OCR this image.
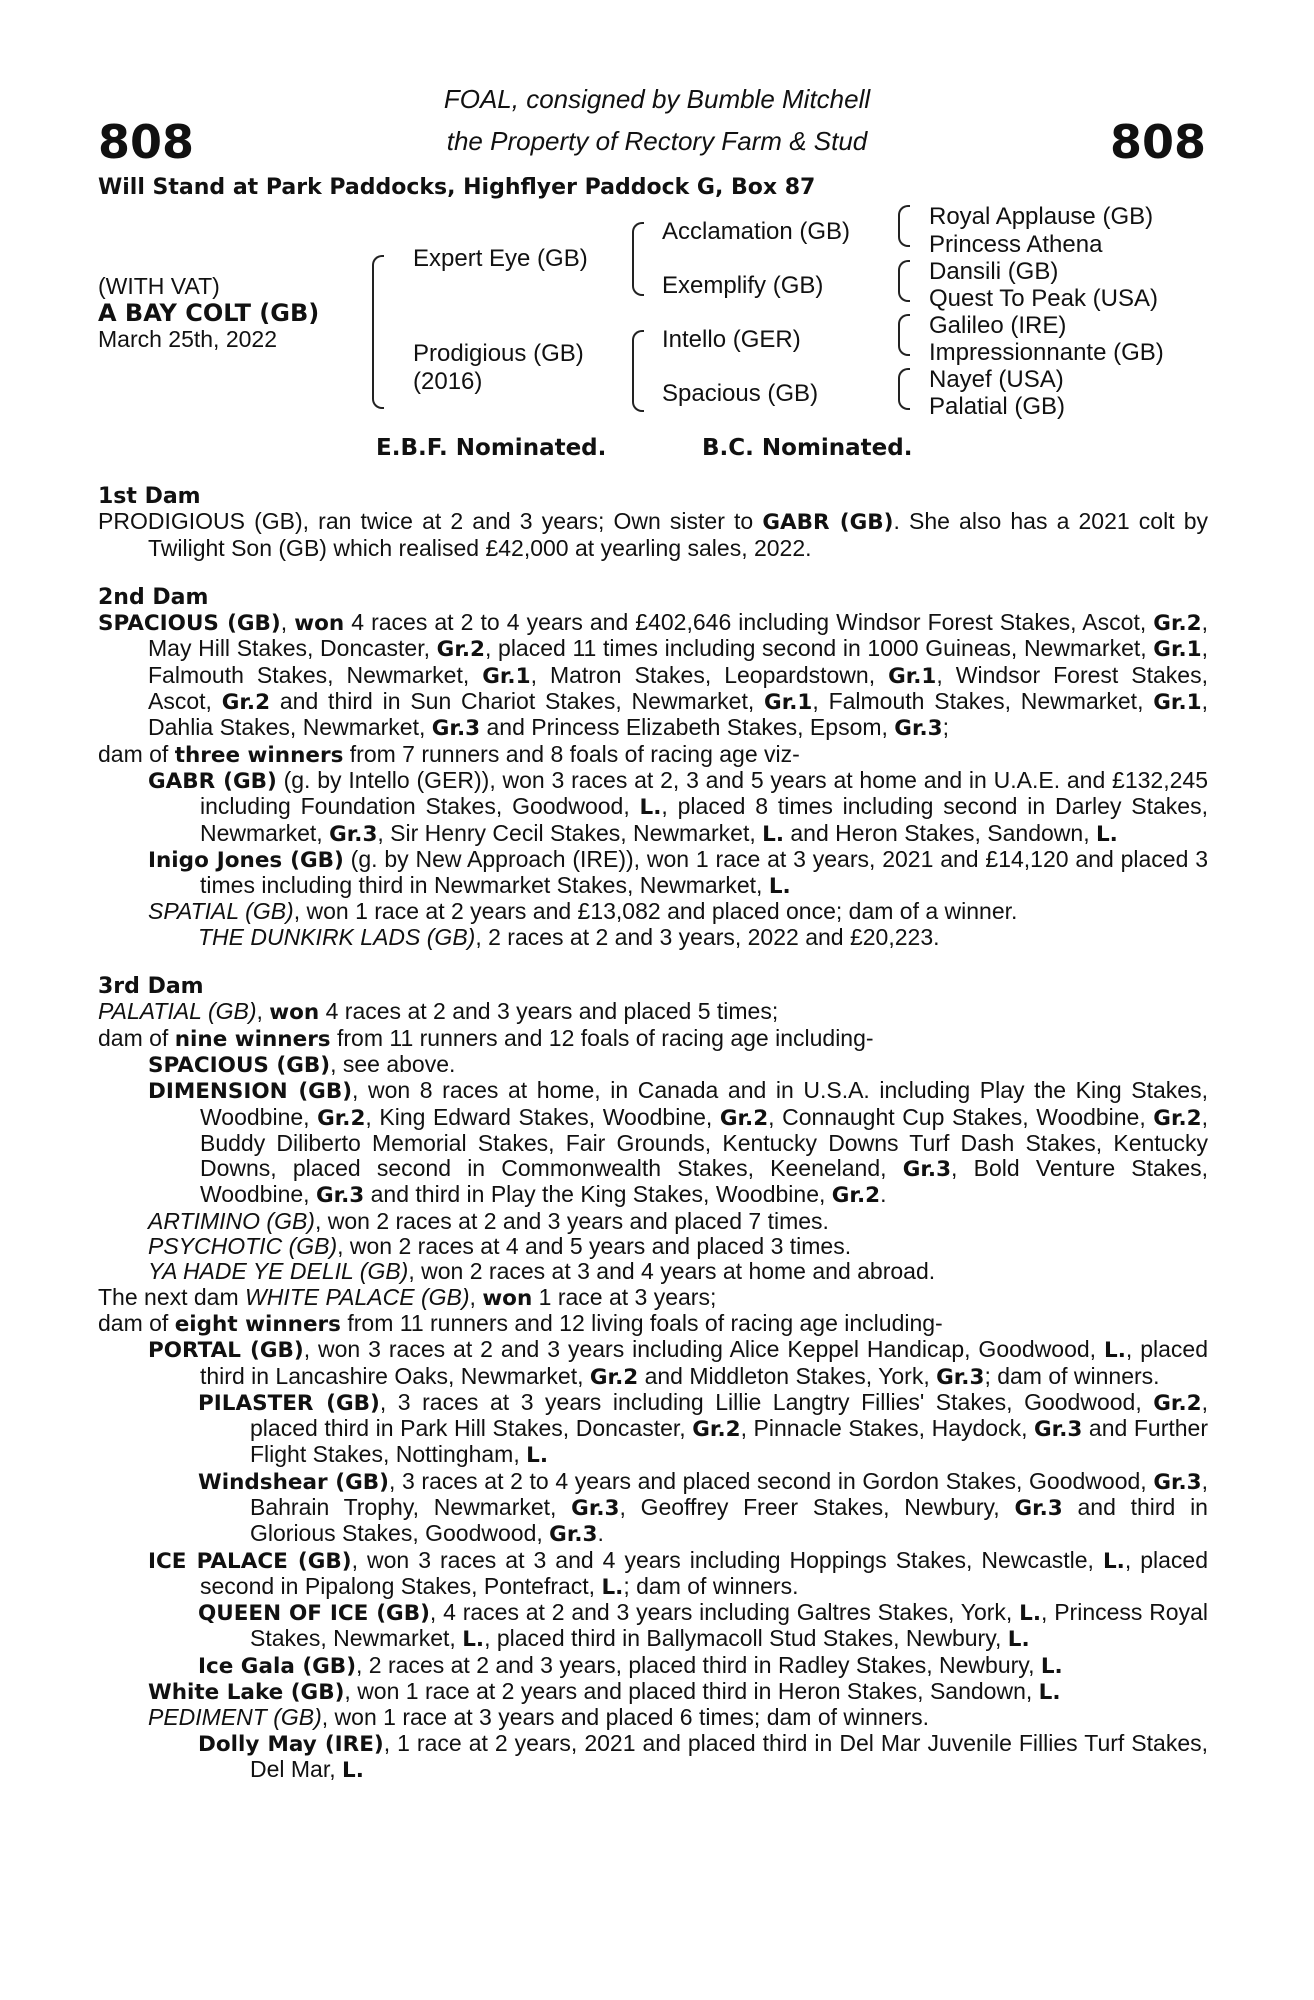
808	808
FOAL, consigned by Bumble Mitchell
the Property of Rectory Farm & Stud
Will Stand at Park Paddocks, Highflyer Paddock G, Box 87
(WITH VAT)
A BAY COLT (GB)
March 25th, 2022
Expert Eye (GB)
Prodigious (GB)
(2016)
Acclamation (GB)
Exemplify (GB)
Intello (GER)
Spacious (GB)
Royal Applause (GB)
Princess Athena
Dansili (GB)
Quest To Peak (USA)
Galileo (IRE)
Impressionnante (GB)
Nayef (USA)
Palatial (GB)
E.B.F. Nominated.	B.C. Nominated.

1st Dam

PRODIGIOUS (GB), ran twice at 2 and 3 years; Own sister to GABR (GB). She also has a 2021 colt by Twilight Son (GB) which realised £42,000 at yearling sales, 2022.

2nd Dam

SPACIOUS (GB), won 4 races at 2 to 4 years and £402,646 including Windsor Forest Stakes, Ascot, Gr.2, May Hill Stakes, Doncaster, Gr.2, placed 11 times including second in 1000 Guineas, Newmarket, Gr.1, Falmouth Stakes, Newmarket, Gr.1, Matron Stakes, Leopardstown, Gr.1, Windsor Forest Stakes, Ascot, Gr.2 and third in Sun Chariot Stakes, Newmarket, Gr.1, Falmouth Stakes, Newmarket, Gr.1, Dahlia Stakes, Newmarket, Gr.3 and Princess Elizabeth Stakes, Epsom, Gr.3;

dam of three winners from 7 runners and 8 foals of racing age viz-

GABR (GB) (g. by Intello (GER)), won 3 races at 2, 3 and 5 years at home and in U.A.E. and £132,245 including Foundation Stakes, Goodwood, L., placed 8 times including second in Darley Stakes, Newmarket, Gr.3, Sir Henry Cecil Stakes, Newmarket, L. and Heron Stakes, Sandown, L.

Inigo Jones (GB) (g. by New Approach (IRE)), won 1 race at 3 years, 2021 and £14,120 and placed 3 times including third in Newmarket Stakes, Newmarket, L.

SPATIAL (GB), won 1 race at 2 years and £13,082 and placed once; dam of a winner.

THE DUNKIRK LADS (GB), 2 races at 2 and 3 years, 2022 and £20,223.

3rd Dam

PALATIAL (GB), won 4 races at 2 and 3 years and placed 5 times;

dam of nine winners from 11 runners and 12 foals of racing age including-

SPACIOUS (GB), see above.

DIMENSION (GB), won 8 races at home, in Canada and in U.S.A. including Play the King Stakes, Woodbine, Gr.2, King Edward Stakes, Woodbine, Gr.2, Connaught Cup Stakes, Woodbine, Gr.2, Buddy Diliberto Memorial Stakes, Fair Grounds, Kentucky Downs Turf Dash Stakes, Kentucky Downs, placed second in Commonwealth Stakes, Keeneland, Gr.3, Bold Venture Stakes, Woodbine, Gr.3 and third in Play the King Stakes, Woodbine, Gr.2.

ARTIMINO (GB), won 2 races at 2 and 3 years and placed 7 times.

PSYCHOTIC (GB), won 2 races at 4 and 5 years and placed 3 times.

YA HADE YE DELIL (GB), won 2 races at 3 and 4 years at home and abroad.

The next dam WHITE PALACE (GB), won 1 race at 3 years;

dam of eight winners from 11 runners and 12 living foals of racing age including-

PORTAL (GB), won 3 races at 2 and 3 years including Alice Keppel Handicap, Goodwood, L., placed third in Lancashire Oaks, Newmarket, Gr.2 and Middleton Stakes, York, Gr.3; dam of winners.

PILASTER (GB), 3 races at 3 years including Lillie Langtry Fillies' Stakes, Goodwood, Gr.2, placed third in Park Hill Stakes, Doncaster, Gr.2, Pinnacle Stakes, Haydock, Gr.3 and Further Flight Stakes, Nottingham, L.

Windshear (GB), 3 races at 2 to 4 years and placed second in Gordon Stakes, Goodwood, Gr.3, Bahrain Trophy, Newmarket, Gr.3, Geoffrey Freer Stakes, Newbury, Gr.3 and third in Glorious Stakes, Goodwood, Gr.3.

ICE PALACE (GB), won 3 races at 3 and 4 years including Hoppings Stakes, Newcastle, L., placed second in Pipalong Stakes, Pontefract, L.; dam of winners.

QUEEN OF ICE (GB), 4 races at 2 and 3 years including Galtres Stakes, York, L., Princess Royal Stakes, Newmarket, L., placed third in Ballymacoll Stud Stakes, Newbury, L.

Ice Gala (GB), 2 races at 2 and 3 years, placed third in Radley Stakes, Newbury, L.

White Lake (GB), won 1 race at 2 years and placed third in Heron Stakes, Sandown, L.

PEDIMENT (GB), won 1 race at 3 years and placed 6 times; dam of winners.

Dolly May (IRE), 1 race at 2 years, 2021 and placed third in Del Mar Juvenile Fillies Turf Stakes, Del Mar, L.
